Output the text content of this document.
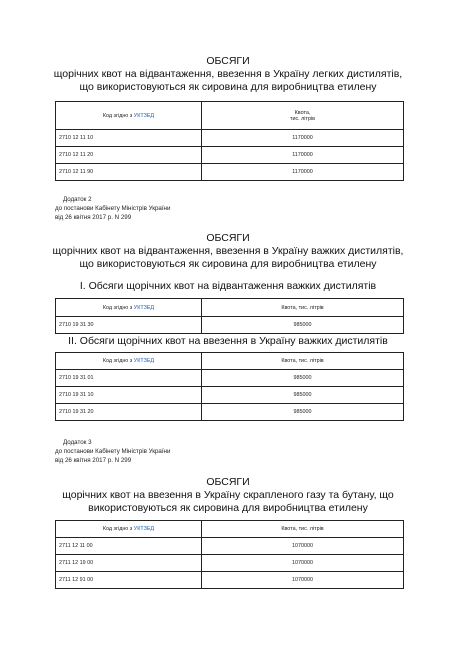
ОБСЯГИ
щорічних квот на відвантаження, ввезення в Україну легких дистилятів,
що використовуються як сировина для виробництва етилену
Код згідно з УКТЗЕД	Квота,
тис. літрів

2710 12 11 10	1170000
2710 12 11 20	1170000
2710 12 11 90	1170000
Додаток 2
до постанови Кабінету Міністрів України
від 26 квітня 2017 р. N 299
ОБСЯГИ
щорічних квот на відвантаження, ввезення в Україну важких дистилятів,
що використовуються як сировина для виробництва етилену
I. Обсяги щорічних квот на відвантаження важких дистилятів
Код згідно з УКТЗЕД	Квота, тис. літрів
2710 19 31 30	985000
II. Обсяги щорічних квот на ввезення в Україну важких дистилятів
Код згідно з УКТЗЕД	Квота, тис. літрів
2710 19 31 01	985000
2710 19 31 10	985000
2710 19 31 20	985000
Додаток 3
до постанови Кабінету Міністрів України
від 26 квітня 2017 р. N 299
ОБСЯГИ
щорічних квот на ввезення в Україну скрапленого газу та бутану, що
використовуються як сировина для виробництва етилену
Код згідно з УКТЗЕД	Квота, тис. літрів
2711 12 11 00	1070000
2711 12 19 00	1070000
2711 12 91 00	1070000
